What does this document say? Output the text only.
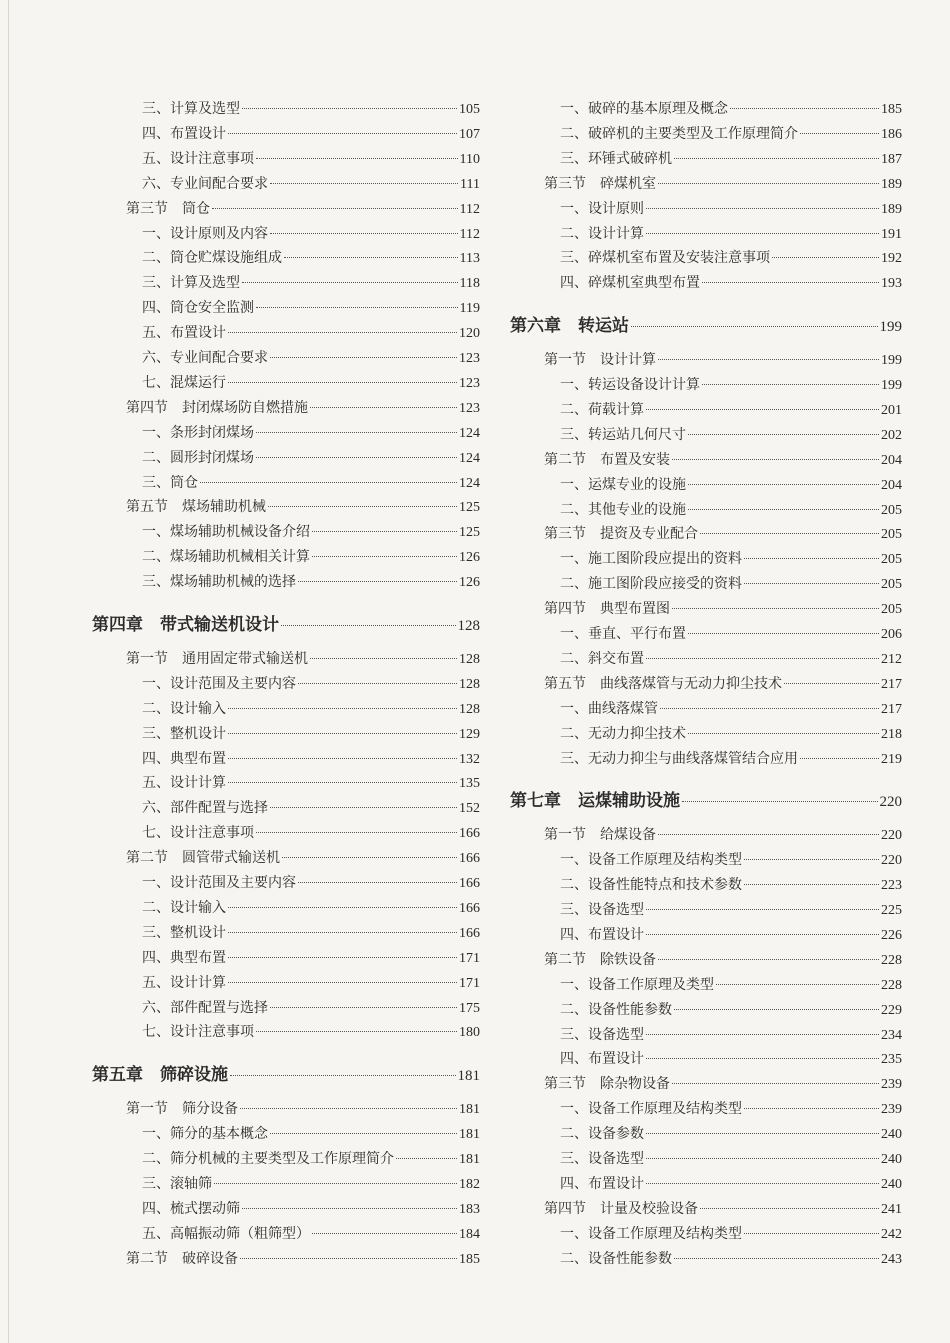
三、计算及选型	105
四、布置设计	107
五、设计注意事项	110
六、专业间配合要求	111
第三节　筒仓	112
一、设计原则及内容	112
二、筒仓贮煤设施组成	113
三、计算及选型	118
四、筒仓安全监测	119
五、布置设计	120
六、专业间配合要求	123
七、混煤运行	123
第四节　封闭煤场防自燃措施	123
一、条形封闭煤场	124
二、圆形封闭煤场	124
三、筒仓	124
第五节　煤场辅助机械	125
一、煤场辅助机械设备介绍	125
二、煤场辅助机械相关计算	126
三、煤场辅助机械的选择	126
第四章　带式输送机设计	128
第一节　通用固定带式输送机	128
一、设计范围及主要内容	128
二、设计输入	128
三、整机设计	129
四、典型布置	132
五、设计计算	135
六、部件配置与选择	152
七、设计注意事项	166
第二节　圆管带式输送机	166
一、设计范围及主要内容	166
二、设计输入	166
三、整机设计	166
四、典型布置	171
五、设计计算	171
六、部件配置与选择	175
七、设计注意事项	180
第五章　筛碎设施	181
第一节　筛分设备	181
一、筛分的基本概念	181
二、筛分机械的主要类型及工作原理简介	181
三、滚轴筛	182
四、梳式摆动筛	183
五、高幅振动筛（粗筛型）	184
第二节　破碎设备	185
一、破碎的基本原理及概念	185
二、破碎机的主要类型及工作原理简介	186
三、环锤式破碎机	187
第三节　碎煤机室	189
一、设计原则	189
二、设计计算	191
三、碎煤机室布置及安装注意事项	192
四、碎煤机室典型布置	193
第六章　转运站	199
第一节　设计计算	199
一、转运设备设计计算	199
二、荷载计算	201
三、转运站几何尺寸	202
第二节　布置及安装	204
一、运煤专业的设施	204
二、其他专业的设施	205
第三节　提资及专业配合	205
一、施工图阶段应提出的资料	205
二、施工图阶段应接受的资料	205
第四节　典型布置图	205
一、垂直、平行布置	206
二、斜交布置	212
第五节　曲线落煤管与无动力抑尘技术	217
一、曲线落煤管	217
二、无动力抑尘技术	218
三、无动力抑尘与曲线落煤管结合应用	219
第七章　运煤辅助设施	220
第一节　给煤设备	220
一、设备工作原理及结构类型	220
二、设备性能特点和技术参数	223
三、设备选型	225
四、布置设计	226
第二节　除铁设备	228
一、设备工作原理及类型	228
二、设备性能参数	229
三、设备选型	234
四、布置设计	235
第三节　除杂物设备	239
一、设备工作原理及结构类型	239
二、设备参数	240
三、设备选型	240
四、布置设计	240
第四节　计量及校验设备	241
一、设备工作原理及结构类型	242
二、设备性能参数	243
